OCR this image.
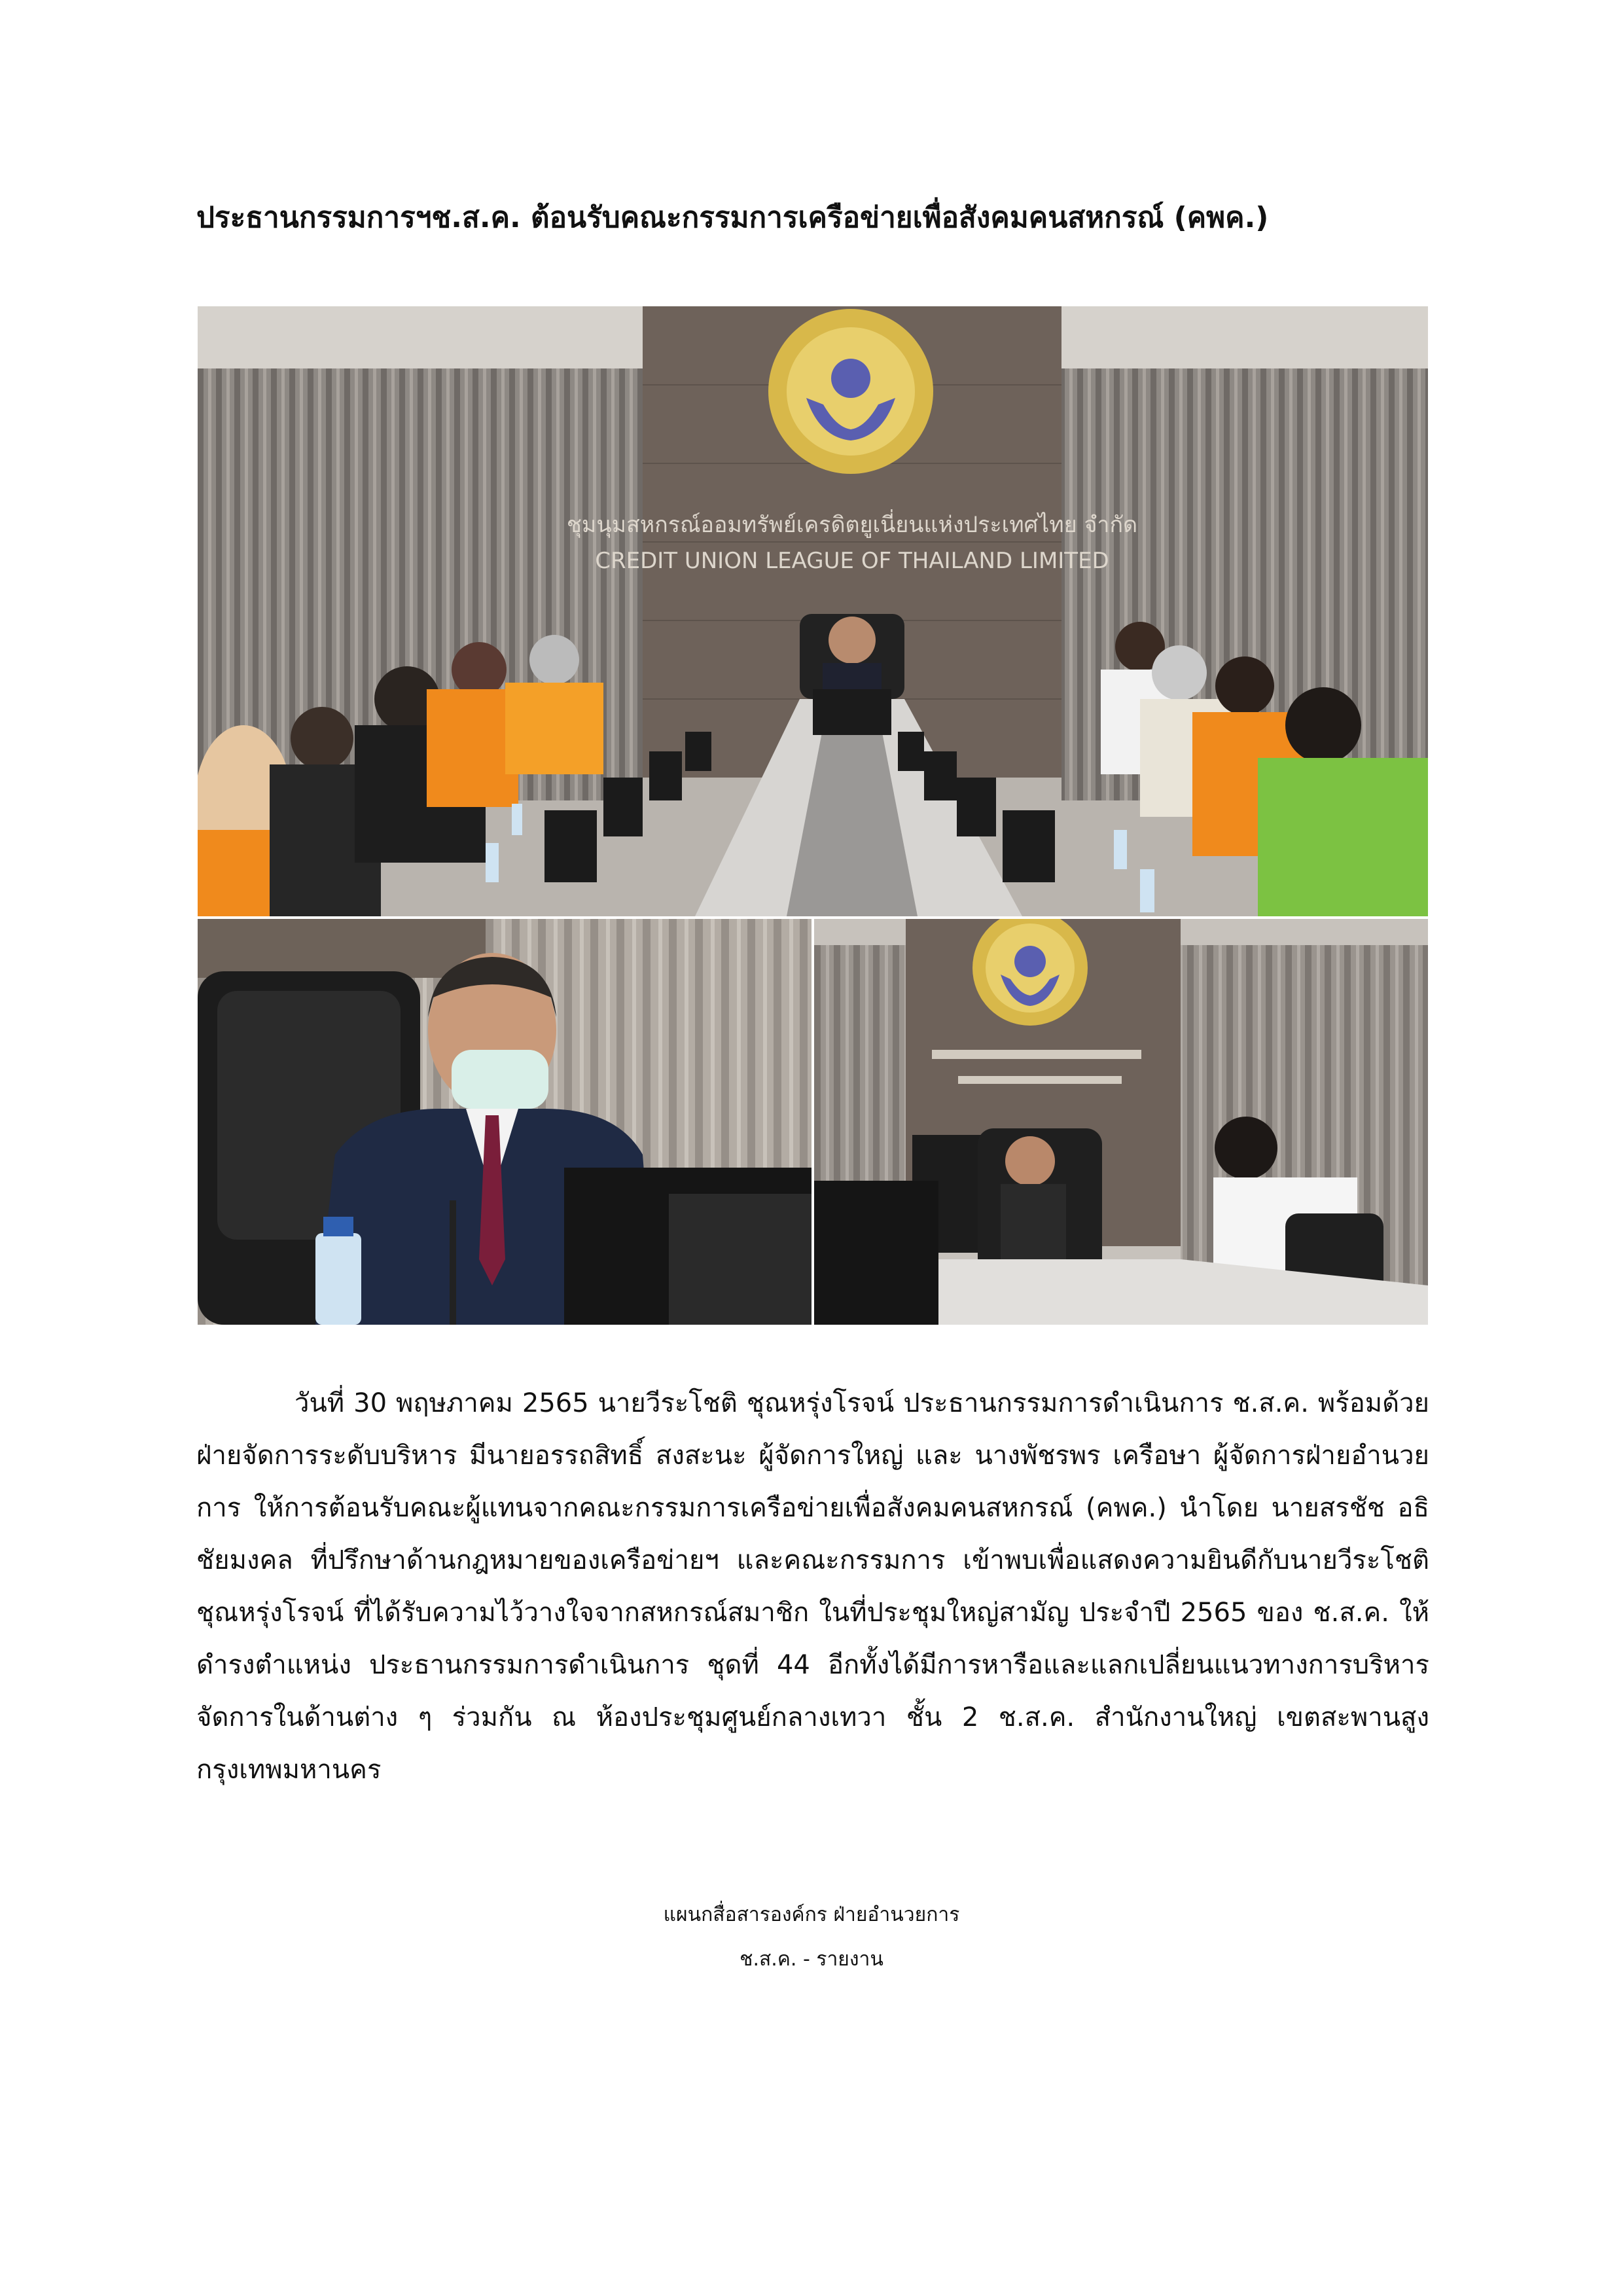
ประธานกรรมการฯช.ส.ค. ต้อนรับคณะกรรมการเครือข่ายเพื่อสังคมคนสหกรณ์ (คพค.)
ชุมนุมสหกรณ์ออมทรัพย์เครดิตยูเนี่ยนแห่งประเทศไทย จำกัด
CREDIT UNION LEAGUE OF THAILAND LIMITED

วันที่ 30 พฤษภาคม 2565 นายวีระโชติ ชุณหรุ่งโรจน์ ประธานกรรมการดำเนินการ ช.ส.ค. พร้อมด้วยฝ่ายจัดการระดับบริหาร มีนายอรรถสิทธิ์ สงสะนะ ผู้จัดการใหญ่ และ นางพัชรพร เครือษา ผู้จัดการฝ่ายอำนวยการ ให้การต้อนรับคณะผู้แทนจากคณะกรรมการเครือข่ายเพื่อสังคมคนสหกรณ์ (คพค.) นำโดย นายสรชัช อธิชัยมงคล ที่ปรึกษาด้านกฎหมายของเครือข่ายฯ และคณะกรรมการ เข้าพบเพื่อแสดงความยินดีกับนายวีระโชติ ชุณหรุ่งโรจน์ ที่ได้รับความไว้วางใจจากสหกรณ์สมาชิก ในที่ประชุมใหญ่สามัญ ประจำปี 2565 ของ ช.ส.ค. ให้ดำรงตำแหน่ง ประธานกรรมการดำเนินการ ชุดที่ 44 อีกทั้งได้มีการหารือและแลกเปลี่ยนแนวทางการบริหารจัดการในด้านต่าง ๆ ร่วมกัน ณ ห้องประชุมศูนย์กลางเทวา ชั้น 2 ช.ส.ค. สำนักงานใหญ่ เขตสะพานสูง กรุงเทพมหานคร

แผนกสื่อสารองค์กร ฝ่ายอำนวยการ
ช.ส.ค. - รายงาน
